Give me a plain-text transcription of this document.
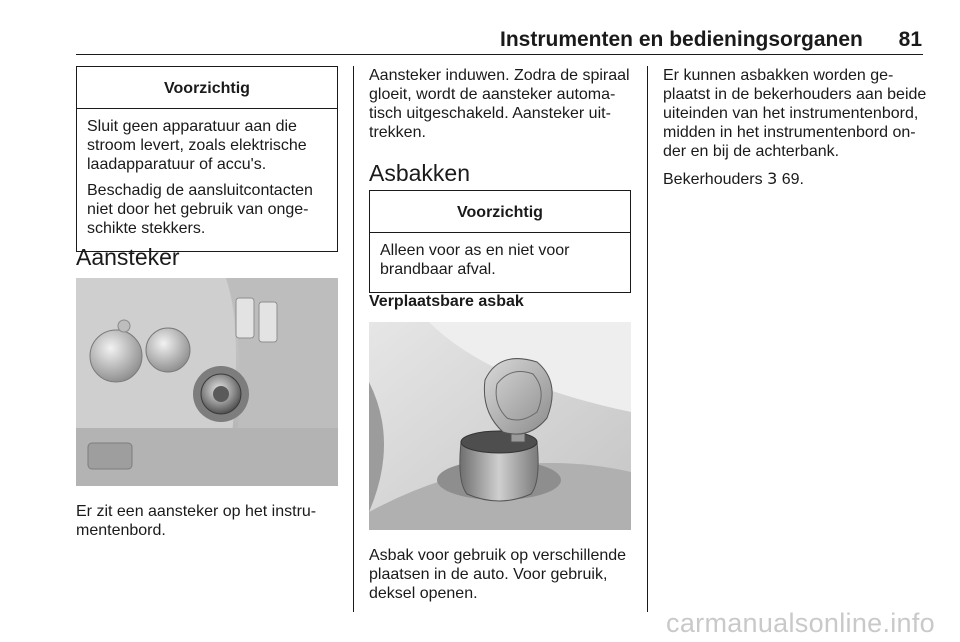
Instrumenten en bedieningsorganen	81
Voorzichtig

Sluit geen apparatuur aan die stroom levert, zoals elektrische laadapparatuur of accu's.

Beschadig de aansluitcontacten niet door het gebruik van ongeschikte stekkers.

Aansteker

Er zit een aansteker op het instrumentenbord.

Aansteker induwen. Zodra de spiraal gloeit, wordt de aansteker automatisch uitgeschakeld. Aansteker uittrekken.

Asbakken
Voorzichtig

Alleen voor as en niet voor brandbaar afval.

Verplaatsbare asbak

Asbak voor gebruik op verschillende plaatsen in de auto. Voor gebruik, deksel openen.

Er kunnen asbakken worden geplaatst in de bekerhouders aan beide uiteinden van het instrumentenbord, midden in het instrumentenbord onder en bij de achterbank.

Bekerhouders 3 69.

carmanualsonline.info
